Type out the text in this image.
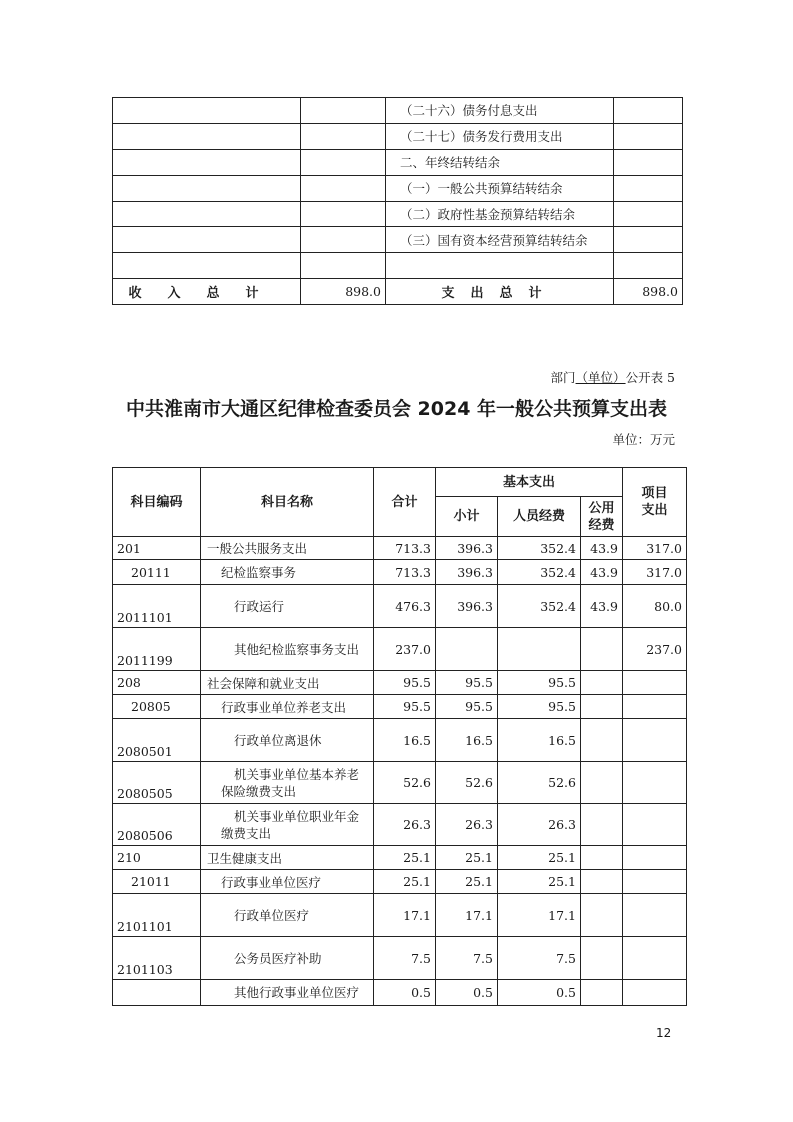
		（二十六）债务付息支出	
		（二十七）债务发行费用支出	
		二、年终结转结余	
		（一）一般公共预算结转结余	
		（二）政府性基金预算结转结余	
		（三）国有资本经营预算结转结余	

收入总计	898.0	支出总计	898.0
部门（单位）公开表 5
中共淮南市大通区纪律检查委员会 2024 年一般公共预算支出表
单位：万元
科目编码	科目名称	合计	基本支出			项目
支出

			小计	人员经费	公用
经费	

201	一般公共服务支出	713.3	396.3	352.4	43.9	317.0
20111	纪检监察事务	713.3	396.3	352.4	43.9	317.0
2011101	行政运行	476.3	396.3	352.4	43.9	80.0
2011199	其他纪检监察事务支出	237.0				237.0
208	社会保障和就业支出	95.5	95.5	95.5		
20805	行政事业单位养老支出	95.5	95.5	95.5		
2080501	行政单位离退休	16.5	16.5	16.5		
2080505	机关事业单位基本养老
保险缴费支出	52.6	52.6	52.6		
2080506	机关事业单位职业年金
缴费支出	26.3	26.3	26.3		
210	卫生健康支出	25.1	25.1	25.1		
21011	行政事业单位医疗	25.1	25.1	25.1		
2101101	行政单位医疗	17.1	17.1	17.1		
2101103	公务员医疗补助	7.5	7.5	7.5		
	其他行政事业单位医疗	0.5	0.5	0.5		
12
